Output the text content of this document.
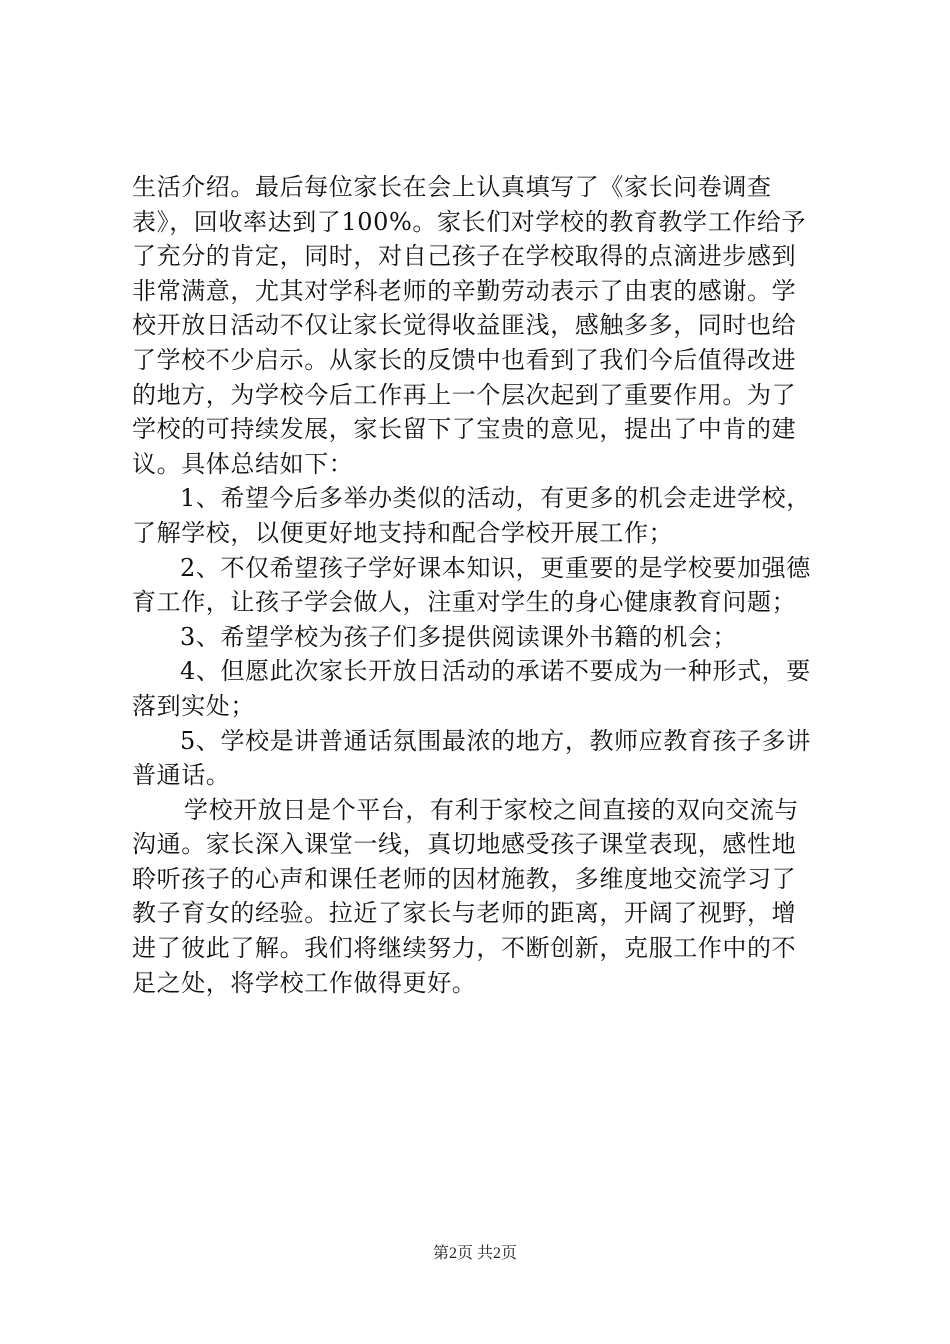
生活介绍。最后每位家长在会上认真填写了《家长问卷调查
表》，回收率达到了100%。家长们对学校的教育教学工作给予
了充分的肯定，同时，对自己孩子在学校取得的点滴进步感到
非常满意，尤其对学科老师的辛勤劳动表示了由衷的感谢。学
校开放日活动不仅让家长觉得收益匪浅，感触多多，同时也给
了学校不少启示。从家长的反馈中也看到了我们今后值得改进
的地方，为学校今后工作再上一个层次起到了重要作用。为了
学校的可持续发展，家长留下了宝贵的意见，提出了中肯的建
议。具体总结如下：
1、希望今后多举办类似的活动，有更多的机会走进学校，
了解学校，以便更好地支持和配合学校开展工作；
2、不仅希望孩子学好课本知识，更重要的是学校要加强德
育工作，让孩子学会做人，注重对学生的身心健康教育问题；
3、希望学校为孩子们多提供阅读课外书籍的机会；
4、但愿此次家长开放日活动的承诺不要成为一种形式，要
落到实处；
5、学校是讲普通话氛围最浓的地方，教师应教育孩子多讲
普通话。
学校开放日是个平台，有利于家校之间直接的双向交流与
沟通。家长深入课堂一线，真切地感受孩子课堂表现，感性地
聆听孩子的心声和课任老师的因材施教，多维度地交流学习了
教子育女的经验。拉近了家长与老师的距离，开阔了视野，增
进了彼此了解。我们将继续努力，不断创新，克服工作中的不
足之处，将学校工作做得更好。
第2页 共2页
